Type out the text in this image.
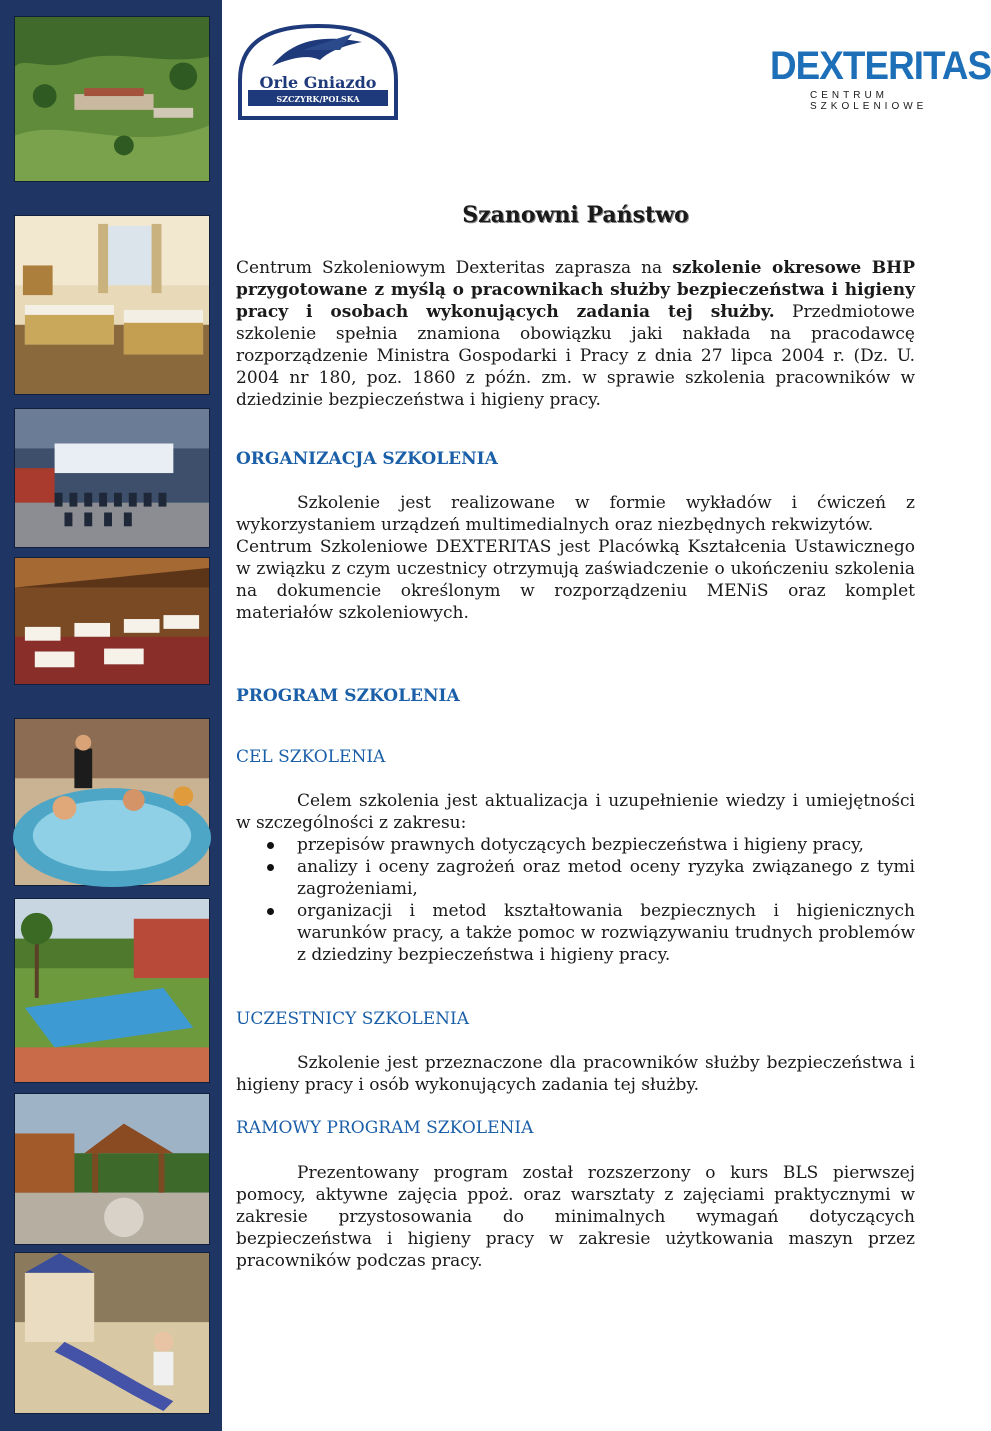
Orle Gniazdo
SZCZYRK/POLSKA
DEXTERITAS
CENTRUM SZKOLENIOWE
Szanowni Państwo
Centrum Szkoleniowym Dexteritas zaprasza na szkolenie okresowe BHP przygotowane z myślą o pracownikach służby bezpieczeństwa i higieny pracy i osobach wykonujących zadania tej służby. Przedmiotowe szkolenie spełnia znamiona obowiązku jaki nakłada na pracodawcę rozporządzenie Ministra Gospodarki i Pracy z dnia 27 lipca 2004 r. (Dz. U. 2004 nr 180, poz. 1860 z późn. zm. w sprawie szkolenia pracowników w dziedzinie bezpieczeństwa i higieny pracy.
ORGANIZACJA SZKOLENIA

Szkolenie jest realizowane w formie wykładów i ćwiczeń z wykorzystaniem urządzeń multimedialnych oraz niezbędnych rekwizytów.

Centrum Szkoleniowe DEXTERITAS jest Placówką Kształcenia Ustawicznego w związku z czym uczestnicy otrzymują zaświadczenie o ukończeniu szkolenia na dokumencie określonym w rozporządzeniu MENiS oraz komplet materiałów szkoleniowych.

PROGRAM SZKOLENIA
CEL SZKOLENIA

Celem szkolenia jest aktualizacja i uzupełnienie wiedzy i umiejętności w szczególności z zakresu:

przepisów prawnych dotyczących bezpieczeństwa i higieny pracy,
analizy i oceny zagrożeń oraz metod oceny ryzyka związanego z tymi zagrożeniami,
organizacji i metod kształtowania bezpiecznych i higienicznych warunków pracy, a także pomoc w rozwiązywaniu trudnych problemów z dziedziny bezpieczeństwa i higieny pracy.
UCZESTNICY SZKOLENIA

Szkolenie jest przeznaczone dla pracowników służby bezpieczeństwa i higieny pracy i osób wykonujących zadania tej służby.

RAMOWY PROGRAM SZKOLENIA

Prezentowany program został rozszerzony o kurs BLS pierwszej pomocy, aktywne zajęcia ppoż. oraz warsztaty z zajęciami praktycznymi w zakresie przystosowania do minimalnych wymagań dotyczących bezpieczeństwa i higieny pracy w zakresie użytkowania maszyn przez pracowników podczas pracy.
